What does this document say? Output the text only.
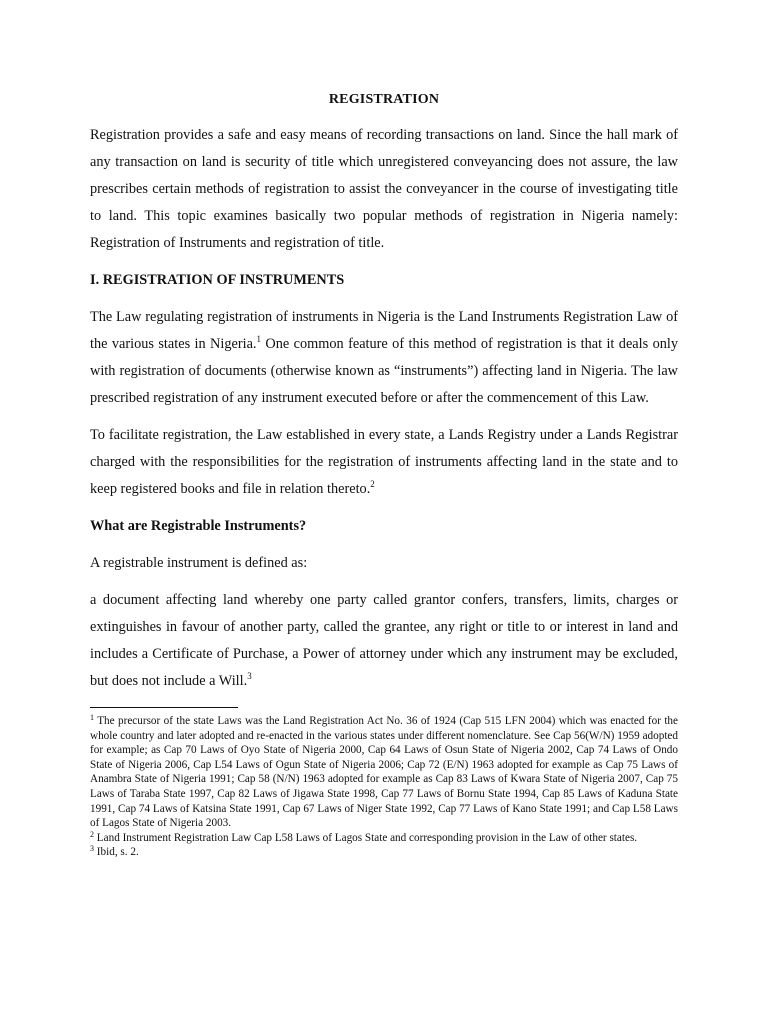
REGISTRATION

Registration provides a safe and easy means of recording transactions on land. Since the hall mark of any transaction on land is security of title which unregistered conveyancing does not assure, the law prescribes certain methods of registration to assist the conveyancer in the course of investigating title to land. This topic examines basically two popular methods of registration in Nigeria namely: Registration of Instruments and registration of title.

I. REGISTRATION OF INSTRUMENTS

The Law regulating registration of instruments in Nigeria is the Land Instruments Registration Law of the various states in Nigeria.$^1$ One common feature of this method of registration is that it deals only with registration of documents (otherwise known as “instruments”) affecting land in Nigeria. The law prescribed registration of any instrument executed before or after the commencement of this Law.

To facilitate registration, the Law established in every state, a Lands Registry under a Lands Registrar charged with the responsibilities for the registration of instruments affecting land in the state and to keep registered books and file in relation thereto.$^2$

What are Registrable Instruments?

A registrable instrument is defined as:

a document affecting land whereby one party called grantor confers, transfers, limits, charges or extinguishes in favour of another party, called the grantee, any right or title to or interest in land and includes a Certificate of Purchase, a Power of attorney under which any instrument may be excluded, but does not include a Will.$^3$

$^1$ The precursor of the state Laws was the Land Registration Act No. 36 of 1924 (Cap 515 LFN 2004) which was enacted for the whole country and later adopted and re-enacted in the various states under different nomenclature. See Cap 56(W/N) 1959 adopted for example; as Cap 70 Laws of Oyo State of Nigeria 2000, Cap 64 Laws of Osun State of Nigeria 2002, Cap 74 Laws of Ondo State of Nigeria 2006, Cap L54 Laws of Ogun State of Nigeria 2006; Cap 72 (E/N) 1963 adopted for example as Cap 75 Laws of Anambra State of Nigeria 1991; Cap 58 (N/N) 1963 adopted for example as Cap 83 Laws of Kwara State of Nigeria 2007, Cap 75 Laws of Taraba State 1997, Cap 82 Laws of Jigawa State 1998, Cap 77 Laws of Bornu State 1994, Cap 85 Laws of Kaduna State 1991, Cap 74 Laws of Katsina State 1991, Cap 67 Laws of Niger State 1992, Cap 77 Laws of Kano State 1991; and Cap L58 Laws of Lagos State of Nigeria 2003.

$^2$ Land Instrument Registration Law Cap L58 Laws of Lagos State and corresponding provision in the Law of other states.

$^3$ Ibid, s. 2.
